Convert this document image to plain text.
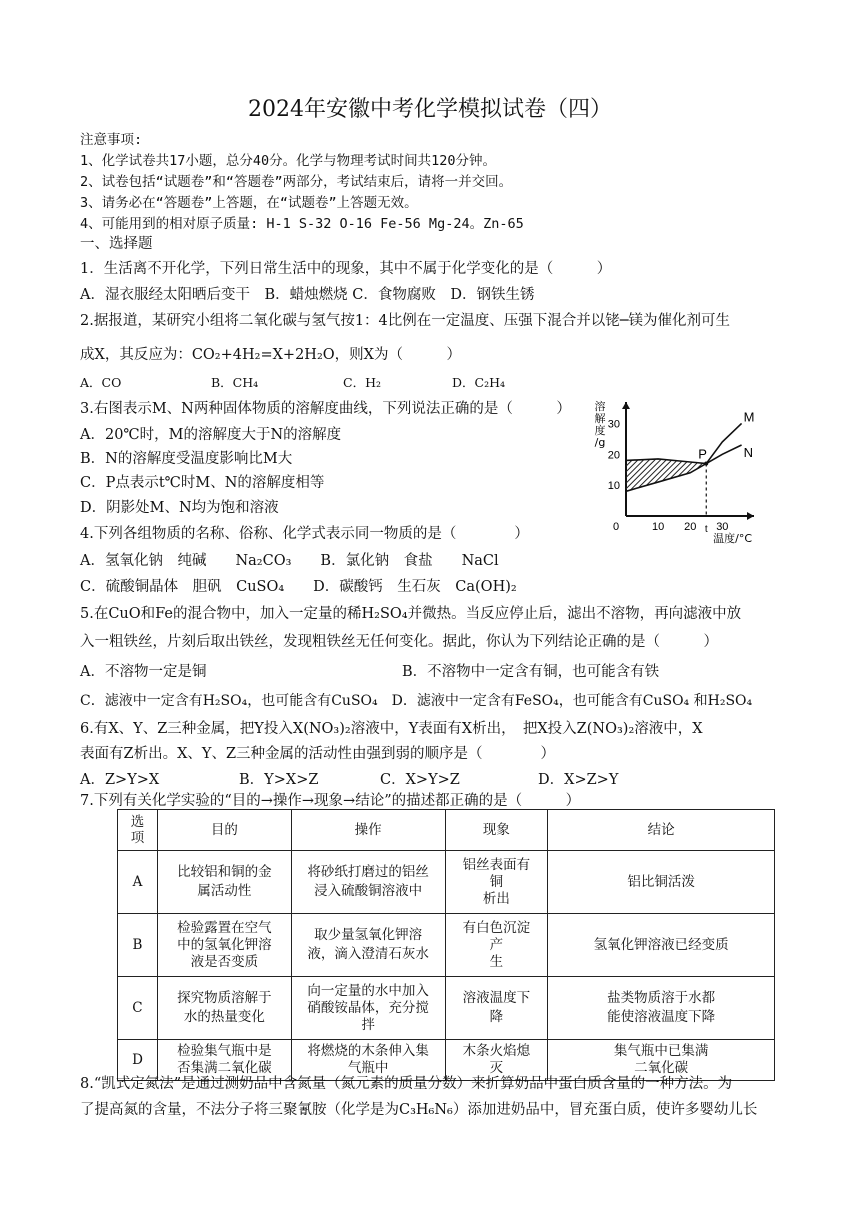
2024年安徽中考化学模拟试卷（四）
注意事项:
1、化学试卷共17小题，总分40分。化学与物理考试时间共120分钟。
2、试卷包括“试题卷”和“答题卷”两部分，考试结束后，请将一并交回。
3、请务必在“答题卷”上答题，在“试题卷”上答题无效。
4、可能用到的相对原子质量: H-1 S-32 O-16 Fe-56 Mg-24。Zn-65
一、选择题
1．生活离不开化学，下列日常生活中的现象，其中不属于化学变化的是（　　　）
A．湿衣服经太阳晒后变干　B．蜡烛燃烧 C．食物腐败　D．钢铁生锈
2.据报道，某研究小组将二氧化碳与氢气按1：4比例在一定温度、压强下混合并以铑─镁为催化剂可生
成X，其反应为：CO₂+4H₂=X+2H₂O，则X为（　　　）
A．CO	B．CH₄	C．H₂	D．C₂H₄
3.右图表示M、N两种固体物质的溶解度曲线，下列说法正确的是（　　　）
A．20℃时，M的溶解度大于N的溶解度
B．N的溶解度受温度影响比M大
C．P点表示t℃时M、N的溶解度相等
D．阴影处M、N均为饱和溶液
M
N
P
10
20
30
0	10 20 t 30
溶
解
度
/g
温度/°C
4.下列各组物质的名称、俗称、化学式表示同一物质的是（　　　　）
A．氢氧化钠　纯碱　　Na₂CO₃　　B．氯化钠　食盐　　NaCl
C．硫酸铜晶体　胆矾　CuSO₄　　D．碳酸钙　生石灰　Ca(OH)₂
5.在CuO和Fe的混合物中，加入一定量的稀H₂SO₄并微热。当反应停止后，滤出不溶物，再向滤液中放
入一粗铁丝，片刻后取出铁丝，发现粗铁丝无任何变化。据此，你认为下列结论正确的是（　　　）
A．不溶物一定是铜	B．不溶物中一定含有铜，也可能含有铁
C．滤液中一定含有H₂SO₄，也可能含有CuSO₄　D．滤液中一定含有FeSO₄，也可能含有CuSO₄ 和H₂SO₄
6.有X、Y、Z三种金属，把Y投入X(NO₃)₂溶液中，Y表面有X析出，　把X投入Z(NO₃)₂溶液中，X
表面有Z析出。X、Y、Z三种金属的活动性由强到弱的顺序是（　　　　）
A．Z>Y>X	B．Y>X>Z	C．X>Y>Z	D．X>Z>Y
7.下列有关化学实验的“目的→操作→现象→结论”的描述都正确的是（　　　）
选
项	目的	操作	现象	结论
A	比较铝和铜的金
属活动性	将砂纸打磨过的铝丝
浸入硫酸铜溶液中	铝丝表面有
铜
析出	铝比铜活泼
B	检验露置在空气
中的氢氧化钾溶
液是否变质	取少量氢氧化钾溶
液，滴入澄清石灰水	有白色沉淀
产
生	氢氧化钾溶液已经变质
C	探究物质溶解于
水的热量变化	向一定量的水中加入
硝酸铵晶体，充分搅
拌	溶液温度下
降	盐类物质溶于水都
能使溶液温度下降
D	检验集气瓶中是
否集满二氧化碳	将燃烧的木条伸入集
气瓶中	木条火焰熄
灭	集气瓶中已集满
二氧化碳
8.“凯式定氮法”是通过测奶品中含氮量（氮元素的质量分数）来折算奶品中蛋白质含量的一种方法。为
了提高氮的含量，不法分子将三聚氰胺（化学是为C₃H₆N₆）添加进奶品中，冒充蛋白质，使许多婴幼儿长
